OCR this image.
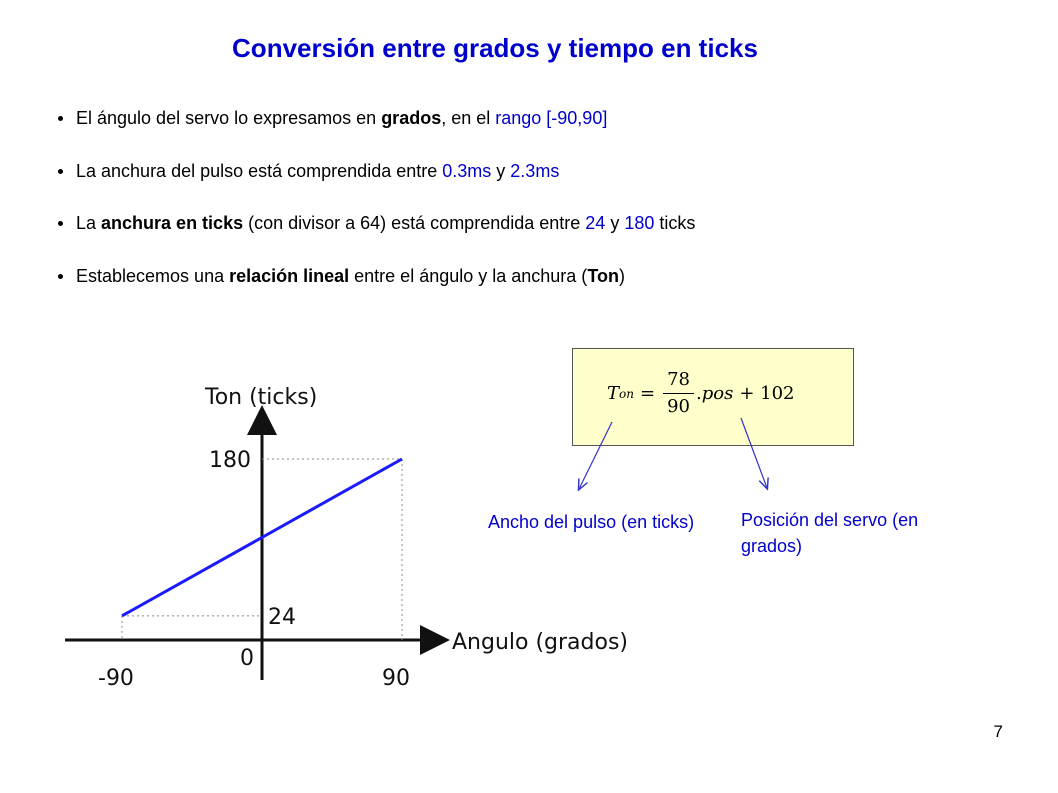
Conversión entre grados y tiempo en ticks
El ángulo del servo lo expresamos en grados, en el rango [-90,90]
La anchura del pulso está comprendida entre 0.3ms y 2.3ms
La anchura en ticks (con divisor a 64) está comprendida entre 24 y 180 ticks
Establecemos una relación lineal entre el ángulo y la anchura (Ton)
Ton (ticks)
Angulo (grados)
180
24
-90
0
90
T on = $\frac{78}{90}$ . pos + 102

Ancho del pulso (en ticks)	Posición del servo (en grados)

7
